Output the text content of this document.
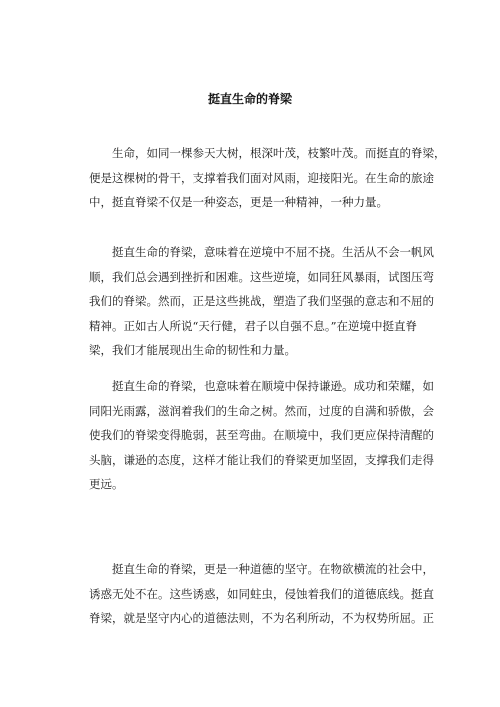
挺直生命的脊梁
　　生命，如同一棵参天大树，根深叶茂，枝繁叶茂。而挺直的脊梁，
便是这棵树的骨干，支撑着我们面对风雨，迎接阳光。在生命的旅途
中，挺直脊梁不仅是一种姿态，更是一种精神，一种力量。
　　挺直生命的脊梁，意味着在逆境中不屈不挠。生活从不会一帆风
顺，我们总会遇到挫折和困难。这些逆境，如同狂风暴雨，试图压弯
我们的脊梁。然而，正是这些挑战，塑造了我们坚强的意志和不屈的
精神。正如古人所说“天行健，君子以自强不息。”在逆境中挺直脊
梁，我们才能展现出生命的韧性和力量。
　　挺直生命的脊梁，也意味着在顺境中保持谦逊。成功和荣耀，如
同阳光雨露，滋润着我们的生命之树。然而，过度的自满和骄傲，会
使我们的脊梁变得脆弱，甚至弯曲。在顺境中，我们更应保持清醒的
头脑，谦逊的态度，这样才能让我们的脊梁更加坚固，支撑我们走得
更远。
　　挺直生命的脊梁，更是一种道德的坚守。在物欲横流的社会中，
诱惑无处不在。这些诱惑，如同蛀虫，侵蚀着我们的道德底线。挺直
脊梁，就是坚守内心的道德法则，不为名利所动，不为权势所屈。正
